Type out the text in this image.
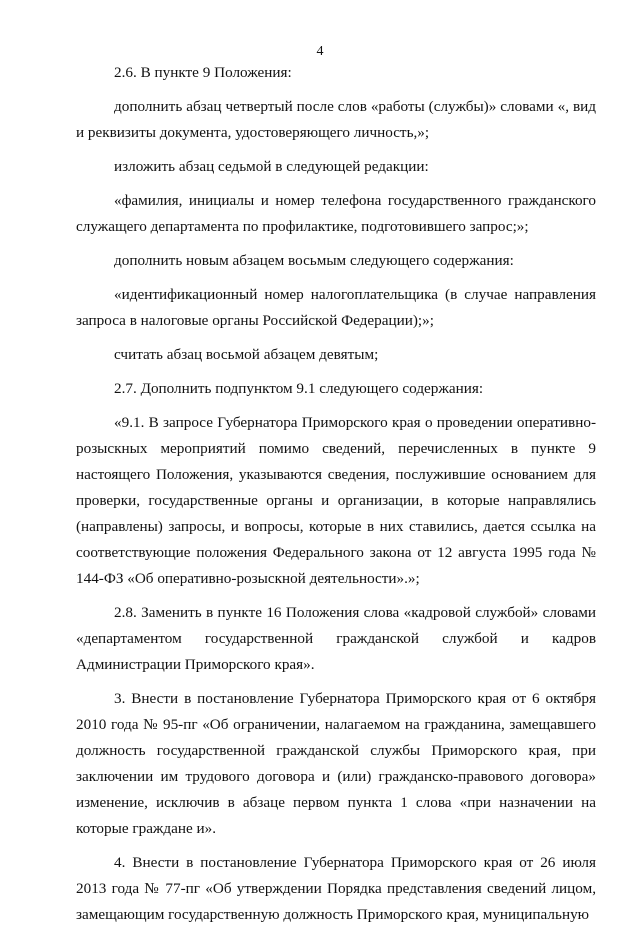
4

2.6. В пункте 9 Положения:

дополнить абзац четвертый после слов «работы (службы)» словами «, вид и реквизиты документа, удостоверяющего личность,»;

изложить абзац седьмой в следующей редакции:

«фамилия, инициалы и номер телефона государственного гражданского служащего департамента по профилактике, подготовившего запрос;»;

дополнить новым абзацем восьмым следующего содержания:

«идентификационный номер налогоплательщика (в случае направления запроса в налоговые органы Российской Федерации);»;

считать абзац восьмой абзацем девятым;

2.7. Дополнить подпунктом 9.1 следующего содержания:

«9.1. В запросе Губернатора Приморского края о проведении оперативно-розыскных мероприятий помимо сведений, перечисленных в пункте 9 настоящего Положения, указываются сведения, послужившие основанием для проверки, государственные органы и организации, в которые направлялись (направлены) запросы, и вопросы, которые в них ставились, дается ссылка на соответствующие положения Федерального закона от 12 августа 1995 года № 144-ФЗ «Об оперативно-розыскной деятельности».»;

2.8. Заменить в пункте 16 Положения слова «кадровой службой» словами «департаментом государственной гражданской службой и кадров Администрации Приморского края».

3. Внести в постановление Губернатора Приморского края от 6 октября 2010 года № 95-пг «Об ограничении, налагаемом на гражданина, замещавшего должность государственной гражданской службы Приморского края, при заключении им трудового договора и (или) гражданско-правового договора» изменение, исключив в абзаце первом пункта 1 слова «при назначении на которые граждане и».

4. Внести в постановление Губернатора Приморского края от 26 июля 2013 года № 77-пг «Об утверждении Порядка представления сведений лицом, замещающим государственную должность Приморского края, муниципальную
